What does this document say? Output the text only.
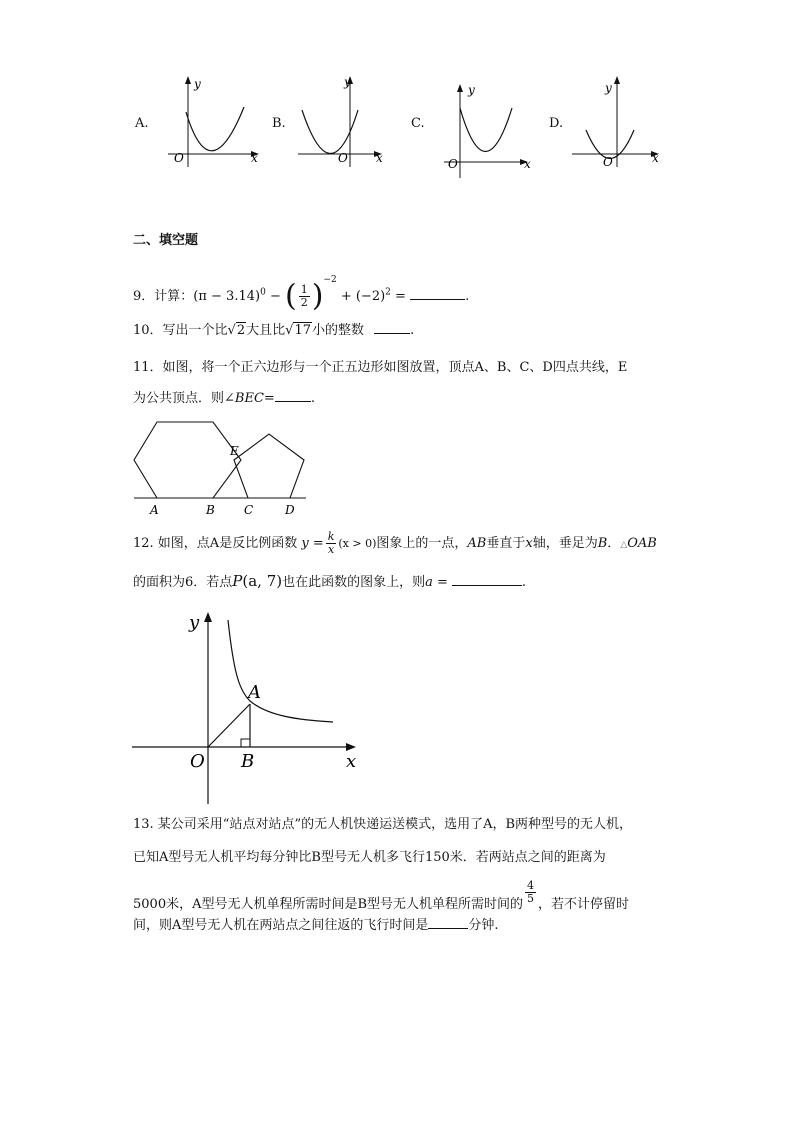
A.	B.	C.	D.
y
x
O
y
x
O
y
x
O
y
x
O
二、填空题
9．计算：$(\pi - 3.14)^0$ − ( $\frac{1}{2} )^{-2} + (-2)^2$ =	.
10．写出一个比√2大且比√17小的整数	.
11．如图，将一个正六边形与一个正五边形如图放置，顶点A、B、C、D四点共线，E
为公共顶点．则∠BEC=	.
A	B C	D
E
12. 如图，点A是反比例函数 $y = \frac{k}{x} (x > 0)$图象上的一点，AB垂直于x轴，垂足为B．△OAB
的面积为6．若点P(a, 7)也在此函数的图象上，则a =	.
y
x
O
A
B
13. 某公司采用“站点对站点”的无人机快递运送模式，选用了A，B两种型号的无人机，
已知A型号无人机平均每分钟比B型号无人机多飞行150米．若两站点之间的距离为
5000米，A型号无人机单程所需时间是B型号无人机单程所需时间的 $\frac{4}{5}$ ，若不计停留时
间，则A型号无人机在两站点之间往返的飞行时间是	分钟.
